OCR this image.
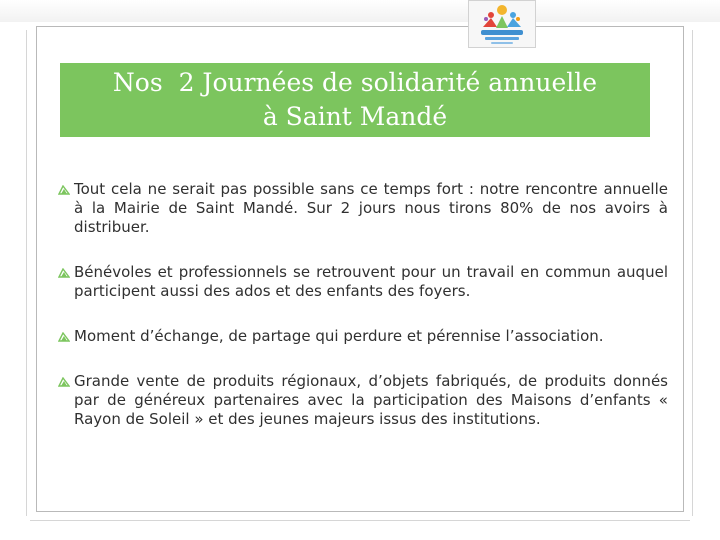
Nos  2 Journées de solidarité annuelle
à Saint Mandé
Tout cela ne serait pas possible sans ce temps fort : notre rencontre annuelle à la Mairie de Saint Mandé. Sur 2 jours nous tirons 80% de nos avoirs à distribuer.
Bénévoles et professionnels se retrouvent pour un travail en commun auquel participent aussi des ados et des enfants des foyers.
Moment d’échange, de partage qui perdure et pérennise l’association.
Grande vente de produits régionaux, d’objets fabriqués, de produits donnés par de généreux partenaires avec la participation des Maisons d’enfants « Rayon de Soleil » et des jeunes majeurs issus des institutions.
